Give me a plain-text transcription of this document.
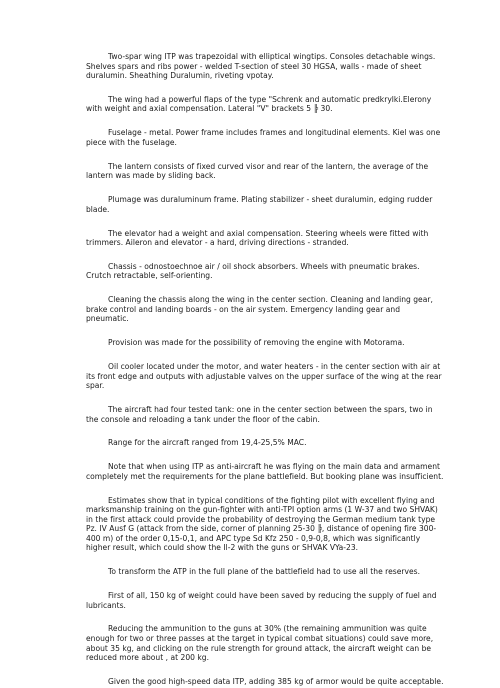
Two-spar wing ITP was trapezoidal with elliptical wingtips. Consoles detachable wings. Shelves spars and ribs power - welded T-section of steel 30 HGSA, walls - made of sheet duralumin. Sheathing Duralumin, riveting vpotay.

The wing had a powerful flaps of the type "Schrenk and automatic predkrylki.Elerony with weight and axial compensation. Lateral "V" brackets 5 ╠ 30.

Fuselage - metal. Power frame includes frames and longitudinal elements. Kiel was one piece with the fuselage.

The lantern consists of fixed curved visor and rear of the lantern, the average of the lantern was made by sliding back.

Plumage was duraluminum frame. Plating stabilizer - sheet duralumin, edging rudder blade.

The elevator had a weight and axial compensation. Steering wheels were fitted with trimmers. Aileron and elevator - a hard, driving directions - stranded.

Chassis - odnostoechnoe air / oil shock absorbers. Wheels with pneumatic brakes. Crutch retractable, self-orienting.

Cleaning the chassis along the wing in the center section. Cleaning and landing gear, brake control and landing boards - on the air system. Emergency landing gear and pneumatic.

Provision was made for the possibility of removing the engine with Motorama.

Oil cooler located under the motor, and water heaters - in the center section with air at its front edge and outputs with adjustable valves on the upper surface of the wing at the rear spar.

The aircraft had four tested tank: one in the center section between the spars, two in the console and reloading a tank under the floor of the cabin.

Range for the aircraft ranged from 19,4-25,5% MAC.

Note that when using ITP as anti-aircraft he was flying on the main data and armament completely met the requirements for the plane battlefield. But booking plane was insufficient.

Estimates show that in typical conditions of the fighting pilot with excellent flying and marksmanship training on the gun-fighter with anti-TPI option arms (1 W-37 and two SHVAK) in the first attack could provide the probability of destroying the German medium tank type Pz. IV Ausf G (attack from the side, corner of planning 25-30 ╠, distance of opening fire 300-400 m) of the order 0,15-0,1, and APC type Sd Kfz 250 - 0,9-0,8, which was significantly higher result, which could show the Il-2 with the guns or SHVAK VYa-23.

To transform the ATP in the full plane of the battlefield had to use all the reserves.

First of all, 150 kg of weight could have been saved by reducing the supply of fuel and lubricants.

Reducing the ammunition to the guns at 30% (the remaining ammunition was quite enough for two or three passes at the target in typical combat situations) could save more, about 35 kg, and clicking on the rule strength for ground attack, the aircraft weight can be reduced more about , at 200 kg.

Given the good high-speed data ITP, adding 385 kg of armor would be quite acceptable.
